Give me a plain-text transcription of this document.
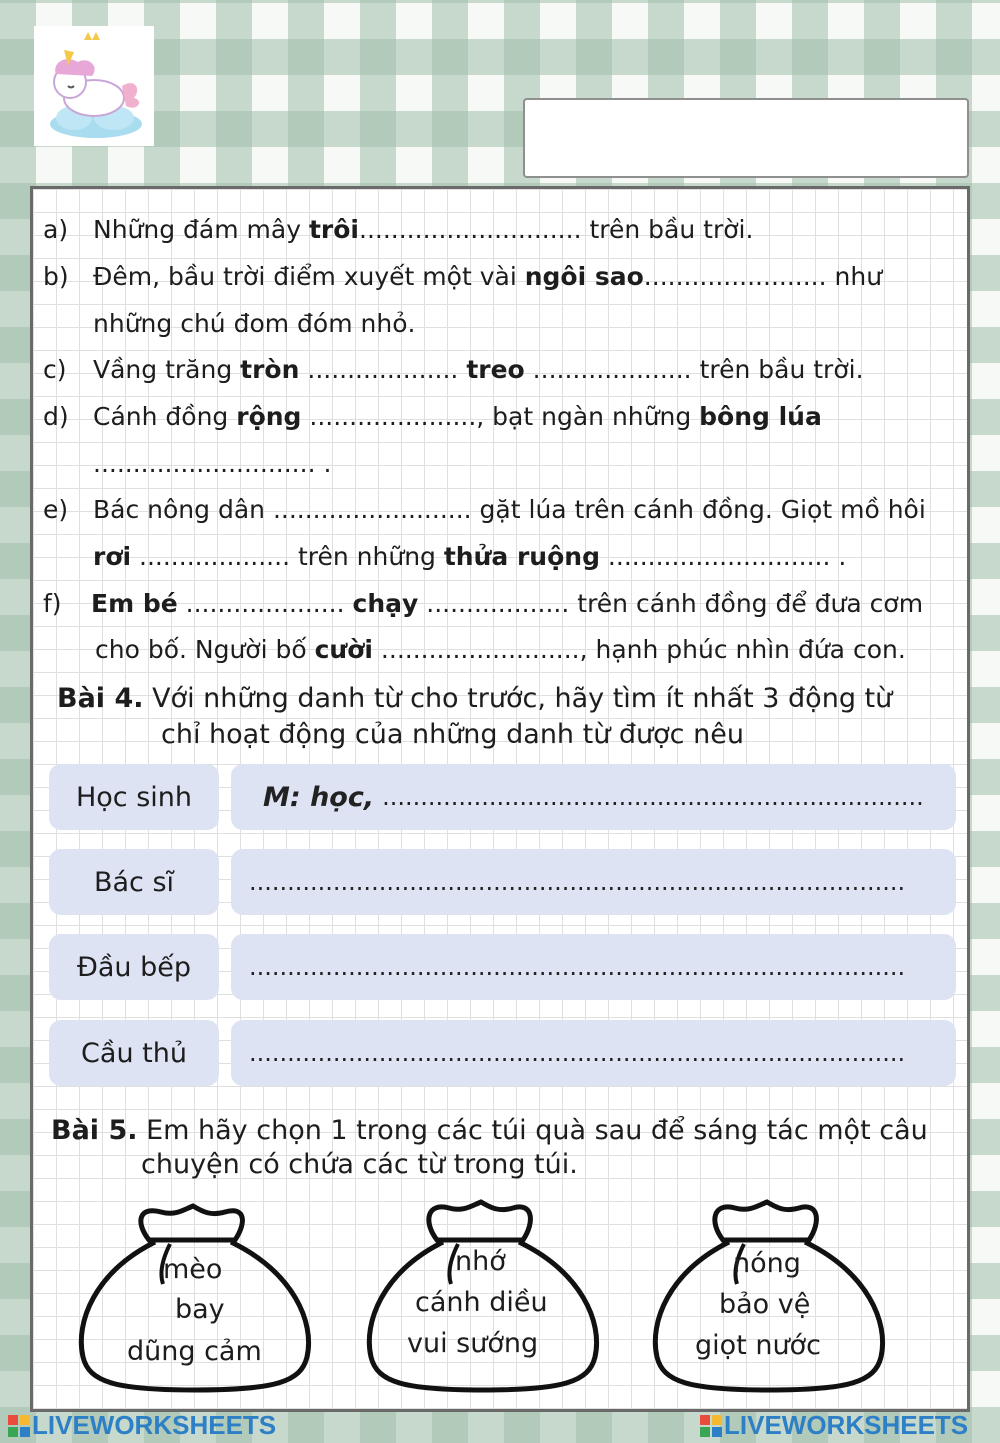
a) Những đám mây trôi............................ trên bầu trời.
b) Đêm, bầu trời điểm xuyết một vài ngôi sao....................... như
những chú đom đóm nhỏ.
c) Vầng trăng tròn ................... treo .................... trên bầu trời.
d) Cánh đồng rộng ....................., bạt ngàn những bông lúa
............................ .
e) Bác nông dân ......................... gặt lúa trên cánh đồng. Giọt mồ hôi
rơi ................... trên những thửa ruộng ............................ .
f) Em bé .................... chạy .................. trên cánh đồng để đưa cơm
cho bố. Người bố cười ........................., hạnh phúc nhìn đứa con.
Bài 4. Với những danh từ cho trước, hãy tìm ít nhất 3 động từ
chỉ hoạt động của những danh từ được nêu
Học sinh	M: học, .......................................................................
Bác sĩ	......................................................................................
Đầu bếp	......................................................................................
Cầu thủ	......................................................................................
Bài 5. Em hãy chọn 1 trong các túi quà sau để sáng tác một câu
chuyện có chứa các từ trong túi.
mèo
bay
dũng cảm
nhớ
cánh diều
vui sướng
nóng
bảo vệ
giọt nước
LIVEWORKSHEETS	LIVEWORKSHEETS
